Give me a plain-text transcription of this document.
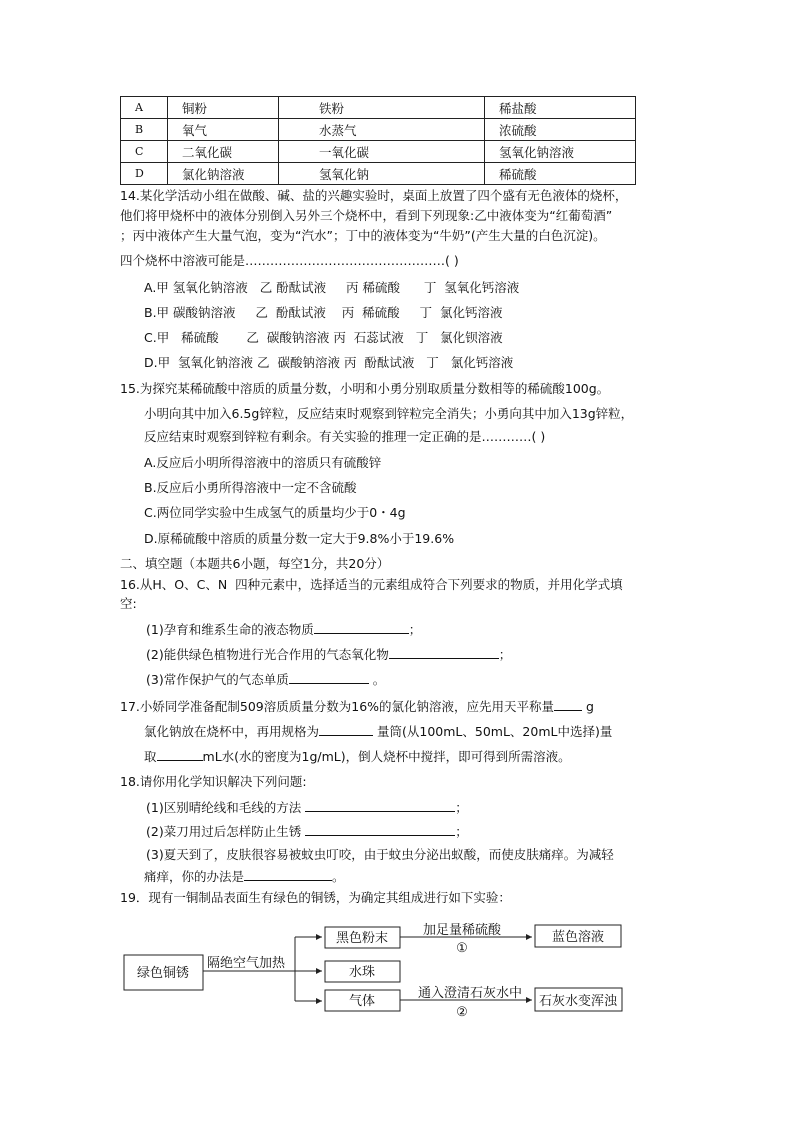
A	铜粉	铁粉	稀盐酸
B	氧气	水蒸气	浓硫酸
C	二氧化碳	一氧化碳	氢氧化钠溶液
D	氯化钠溶液	氢氧化钠	稀硫酸
14.某化学活动小组在做酸、碱、盐的兴趣实验时，桌面上放置了四个盛有无色液体的烧杯，
他们将甲烧杯中的液体分别倒入另外三个烧杯中，看到下列现象:乙中液体变为“红葡萄酒”
；丙中液体产生大量气泡，变为“汽水”；丁中的液体变为“牛奶”(产生大量的白色沉淀)。
四个烧杯中溶液可能是…………………………………………( )
A.甲 氢氧化钠溶液   乙 酚酞试液     丙 稀硫酸      丁  氢氧化钙溶液
B.甲 碳酸钠溶液     乙  酚酞试液    丙  稀硫酸     丁  氯化钙溶液
C.甲   稀硫酸       乙  碳酸钠溶液 丙  石蕊试液   丁   氯化钡溶液
D.甲  氢氧化钠溶液 乙  碳酸钠溶液 丙  酚酞试液   丁   氯化钙溶液
15.为探究某稀硫酸中溶质的质量分数，小明和小勇分别取质量分数相等的稀硫酸100g。
小明向其中加入6.5g锌粒，反应结束时观察到锌粒完全消失；小勇向其中加入13g锌粒，
反应结束时观察到锌粒有剩余。有关实验的推理一定正确的是…………( )
A.反应后小明所得溶液中的溶质只有硫酸锌
B.反应后小勇所得溶液中一定不含硫酸
C.两位同学实验中生成氢气的质量均少于0・4g
D.原稀硫酸中溶质的质量分数一定大于9.8%小于19.6%
二、填空题（本题共6小题，每空1分，共20分）
16.从H、O、C、N  四种元素中，选择适当的元素组成符合下列要求的物质，并用化学式填
空:
(1)孕育和维系生命的液态物质	；
(2)能供绿色植物进行光合作用的气态氧化物	；
(3)常作保护气的气态单质	。
17.小娇同学准备配制509溶质质量分数为16%的氯化钠溶液，应先用天平称量 g
氯化钠放在烧杯中，再用规格为	量筒(从100mL、50mL、20mL中选择)量
取	mL水(水的密度为1g/mL)，倒人烧杯中搅拌，即可得到所需溶液。
18.请你用化学知识解决下列问题:
(1)区别晴纶线和毛线的方法	；
(2)菜刀用过后怎样防止生锈	；
(3)夏天到了，皮肤很容易被蚊虫叮咬，由于蚊虫分泌出蚁酸，而使皮肤痛痒。为减轻
痛痒，你的办法是	。
19．现有一铜制品表面生有绿色的铜锈，为确定其组成进行如下实验：
绿色铜锈
隔绝空气加热
黑色粉末
水珠
气体
加足量稀硫酸
①
蓝色溶液
通入澄清石灰水中
②
石灰水变浑浊
